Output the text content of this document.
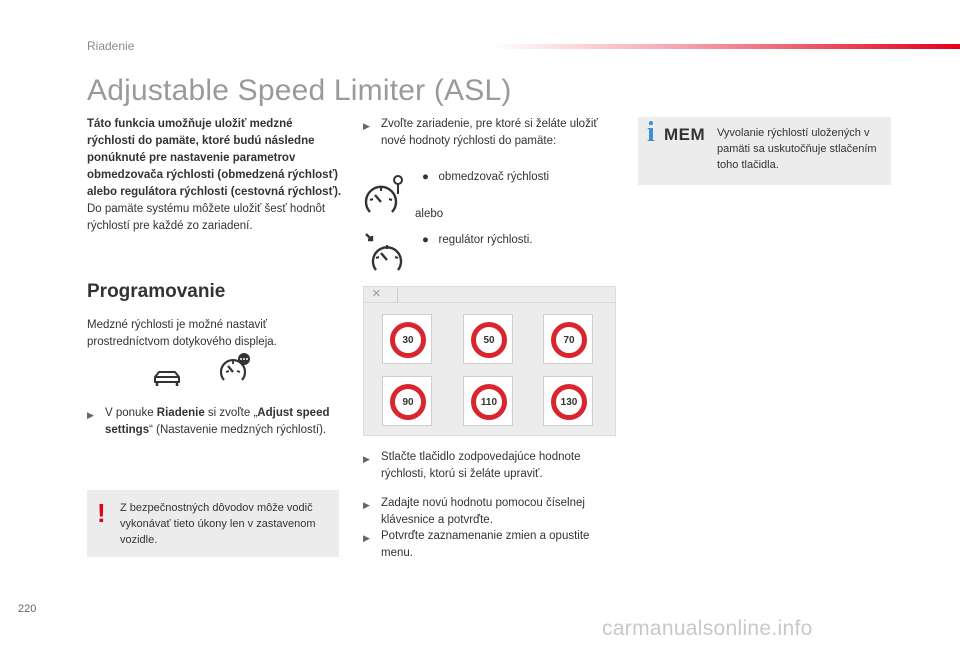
Riadenie
Adjustable Speed Limiter (ASL)
Táto funkcia umožňuje uložiť medzné rýchlosti do pamäte, ktoré budú následne ponúknuté pre nastavenie parametrov obmedzovača rýchlosti (obmedzená rýchlosť) alebo regulátora rýchlosti (cestovná rýchlosť).
Do pamäte systému môžete uložiť šesť hodnôt rýchlostí pre každé zo zariadení.
Programovanie
Medzné rýchlosti je možné nastaviť prostredníctvom dotykového displeja.
▶ V ponuke Riadenie si zvoľte „Adjust speed settings“ (Nastavenie medzných rýchlostí).
! Z bezpečnostných dôvodov môže vodič vykonávať tieto úkony len v zastavenom vozidle.
▶ Zvoľte zariadenie, pre ktoré si želáte uložiť nové hodnoty rýchlosti do pamäte:
●   obmedzovač rýchlosti
alebo
●   regulátor rýchlosti.
×
30	50	70
90	110	130
▶ Stlačte tlačidlo zodpovedajúce hodnote rýchlosti, ktorú si želáte upraviť.
▶ Zadajte novú hodnotu pomocou číselnej klávesnice a potvrďte.
▶ Potvrďte zaznamenanie zmien a opustite menu.
i MEM Vyvolanie rýchlostí uložených v pamäti sa uskutočňuje stlačením toho tlačidla.
220
carmanualsonline.info
